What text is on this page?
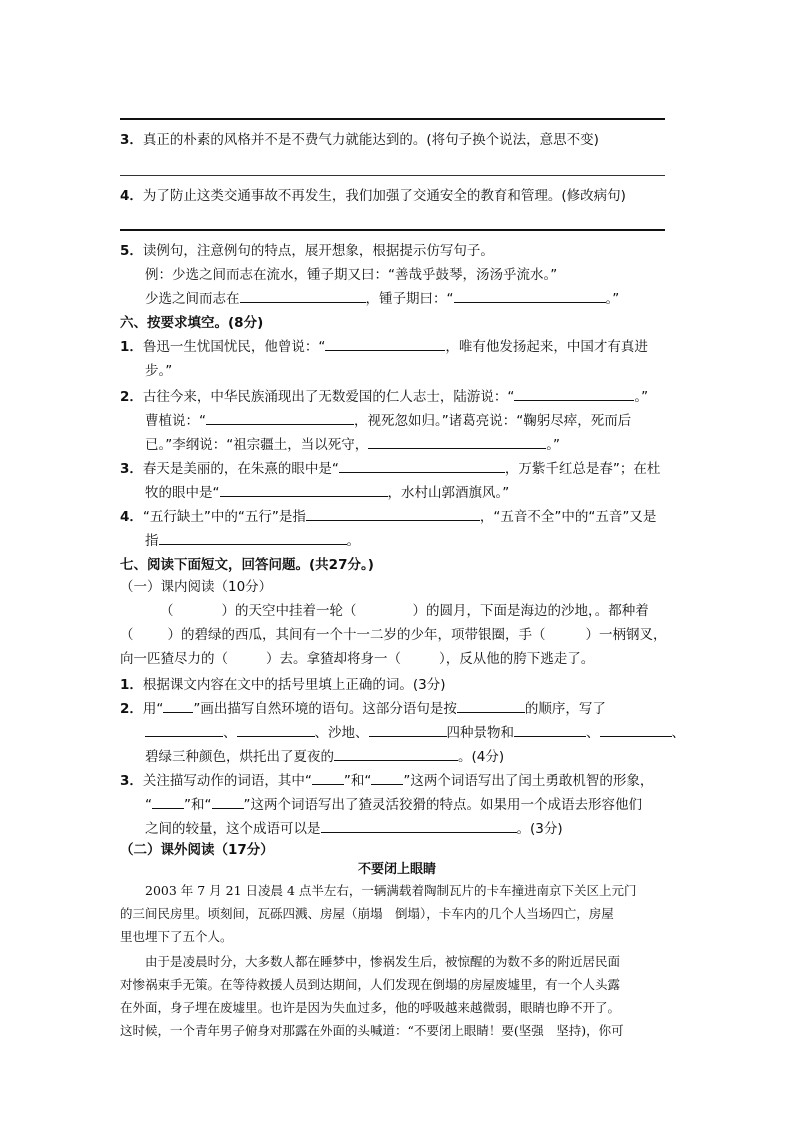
3．真正的朴素的风格并不是不费气力就能达到的。(将句子换个说法，意思不变)
4．为了防止这类交通事故不再发生，我们加强了交通安全的教育和管理。(修改病句)
5．读例句，注意例句的特点，展开想象，根据提示仿写句子。
例：少选之间而志在流水，锺子期又曰：“善哉乎鼓琴，汤汤乎流水。”
少选之间而志在	，锺子期曰：“	。”
六、按要求填空。(8分)
1．鲁迅一生忧国忧民，他曾说：“	，唯有他发扬起来，中国才有真进
步。”
2．古往今来，中华民族涌现出了无数爱国的仁人志士，陆游说：“	。”
曹植说：“	，视死忽如归。”诸葛亮说：“鞠躬尽瘁，死而后
已。”李纲说：“祖宗疆土，当以死守，	。”
3．春天是美丽的，在朱熹的眼中是“	，万紫千红总是春”；在杜
牧的眼中是“	，水村山郭酒旗风。”
4．“五行缺土”中的“五行”是指	，“五音不全”中的“五音”又是
指	。
七、阅读下面短文，回答问题。(共27分。)
（一）课内阅读（10分）
（	）的天空中挂着一轮（	）的圆月，下面是海边的沙地，。都种着
（	）的碧绿的西瓜，其间有一个十一二岁的少年，项带银圈，手（	）一柄钢叉，
向一匹猹尽力的（	）去。拿猹却将身一（	），反从他的胯下逃走了。
1．根据课文内容在文中的括号里填上正确的词。(3分)
2．用“ ”画出描写自然环境的语句。这部分语句是按	的顺序，写了
、	、沙地、	四种景物和	、	、
碧绿三种颜色，烘托出了夏夜的	。(4分)
3．关注描写动作的词语，其中“ ”和“ ”这两个词语写出了闰土勇敢机智的形象，
“ ”和“ ”这两个词语写出了猹灵活狡猾的特点。如果用一个成语去形容他们
之间的较量，这个成语可以是	。(3分)
（二）课外阅读（17分）
不要闭上眼睛
　　2003 年 7 月 21 日凌晨 4 点半左右，一辆满载着陶制瓦片的卡车撞进南京下关区上元门
的三间民房里。顷刻间，瓦砾四溅、房屋（崩塌　倒塌），卡车内的几个人当场四亡，房屋
里也埋下了五个人。
　　由于是凌晨时分，大多数人都在睡梦中，惨祸发生后，被惊醒的为数不多的附近居民面
对惨祸束手无策。在等待救援人员到达期间，人们发现在倒塌的房屋废墟里，有一个人头露
在外面，身子埋在废墟里。也许是因为失血过多，他的呼吸越来越微弱，眼睛也睁不开了。
这时候，一个青年男子俯身对那露在外面的头喊道：“不要闭上眼睛！要(坚强　坚持)，你可
